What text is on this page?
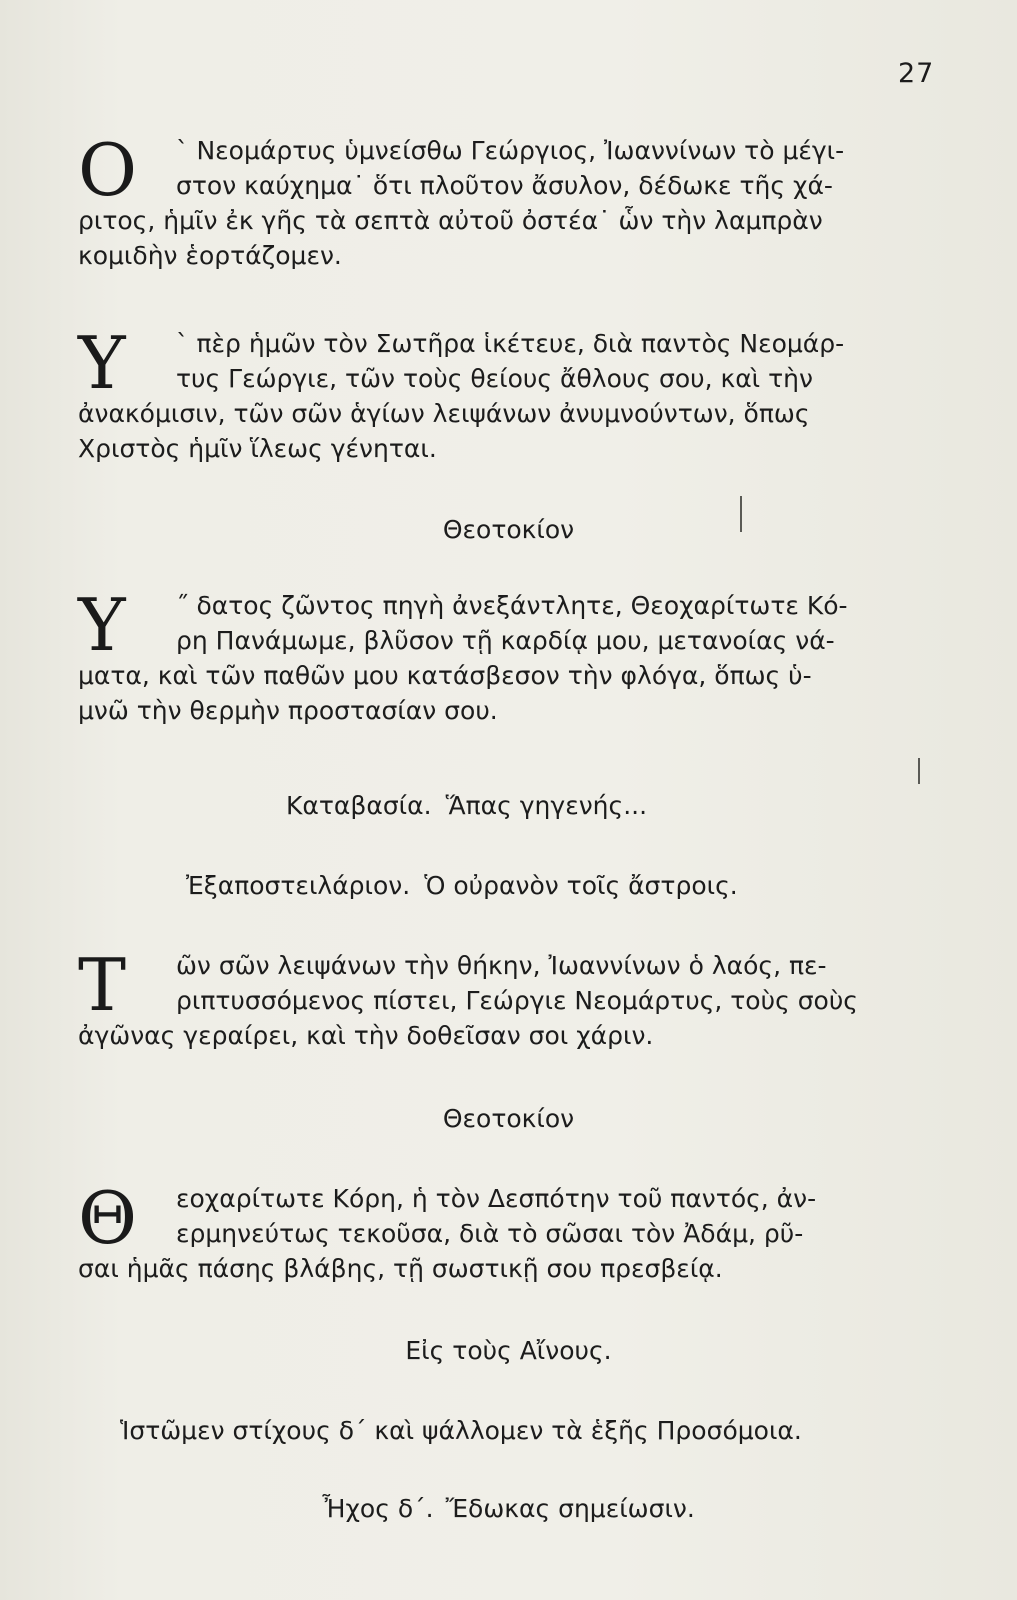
27
Ο	` Νεομάρτυς ὑμνείσθω Γεώργιος, Ἰωαννίνων τὸ μέγι-

στον καύχημα˙ ὅτι πλοῦτον ἄσυλον, δέδωκε τῆς χά-

ριτος, ἡμῖν ἐκ γῆς τὰ σεπτὰ αὐτοῦ ὀστέα˙ ὧν τὴν λαμπρὰν

κομιδὴν ἑορτάζομεν.

Υ	` πὲρ ἡμῶν τὸν Σωτῆρα ἱκέτευε, διὰ παντὸς Νεομάρ-

τυς Γεώργιε, τῶν τοὺς θείους ἄθλους σου, καὶ τὴν

ἀνακόμισιν, τῶν σῶν ἁγίων λειψάνων ἀνυμνούντων, ὅπως

Χριστὸς ἡμῖν ἵλεως γένηται.

Θεοτοκίον
Υ	˝ δατος ζῶντος πηγὴ ἀνεξάντλητε, Θεοχαρίτωτε Κό-

ρη Πανάμωμε, βλῦσον τῇ καρδίᾳ μου, μετανοίας νά-

ματα, καὶ τῶν παθῶν μου κατάσβεσον τὴν φλόγα, ὅπως ὑ-

μνῶ τὴν θερμὴν προστασίαν σου.

Καταβασία. Ἅπας γηγενής...
Ἐξαποστειλάριον. Ὁ οὐρανὸν τοῖς ἄστροις.
Τ	ῶν σῶν λειψάνων τὴν θήκην, Ἰωαννίνων ὁ λαός, πε-

ριπτυσσόμενος πίστει, Γεώργιε Νεομάρτυς, τοὺς σοὺς

ἀγῶνας γεραίρει, καὶ τὴν δοθεῖσαν σοι χάριν.

Θεοτοκίον
Θ	εοχαρίτωτε Κόρη, ἡ τὸν Δεσπότην τοῦ παντός, ἀν-

ερμηνεύτως τεκοῦσα, διὰ τὸ σῶσαι τὸν Ἀδάμ, ρῦ-

σαι ἡμᾶς πάσης βλάβης, τῇ σωστικῇ σου πρεσβείᾳ.

Εἰς τοὺς Αἴνους.
Ἱστῶμεν στίχους δ΄ καὶ ψάλλομεν τὰ ἑξῆς Προσόμοια.
Ἦχος δ΄. Ἔδωκας σημείωσιν.
